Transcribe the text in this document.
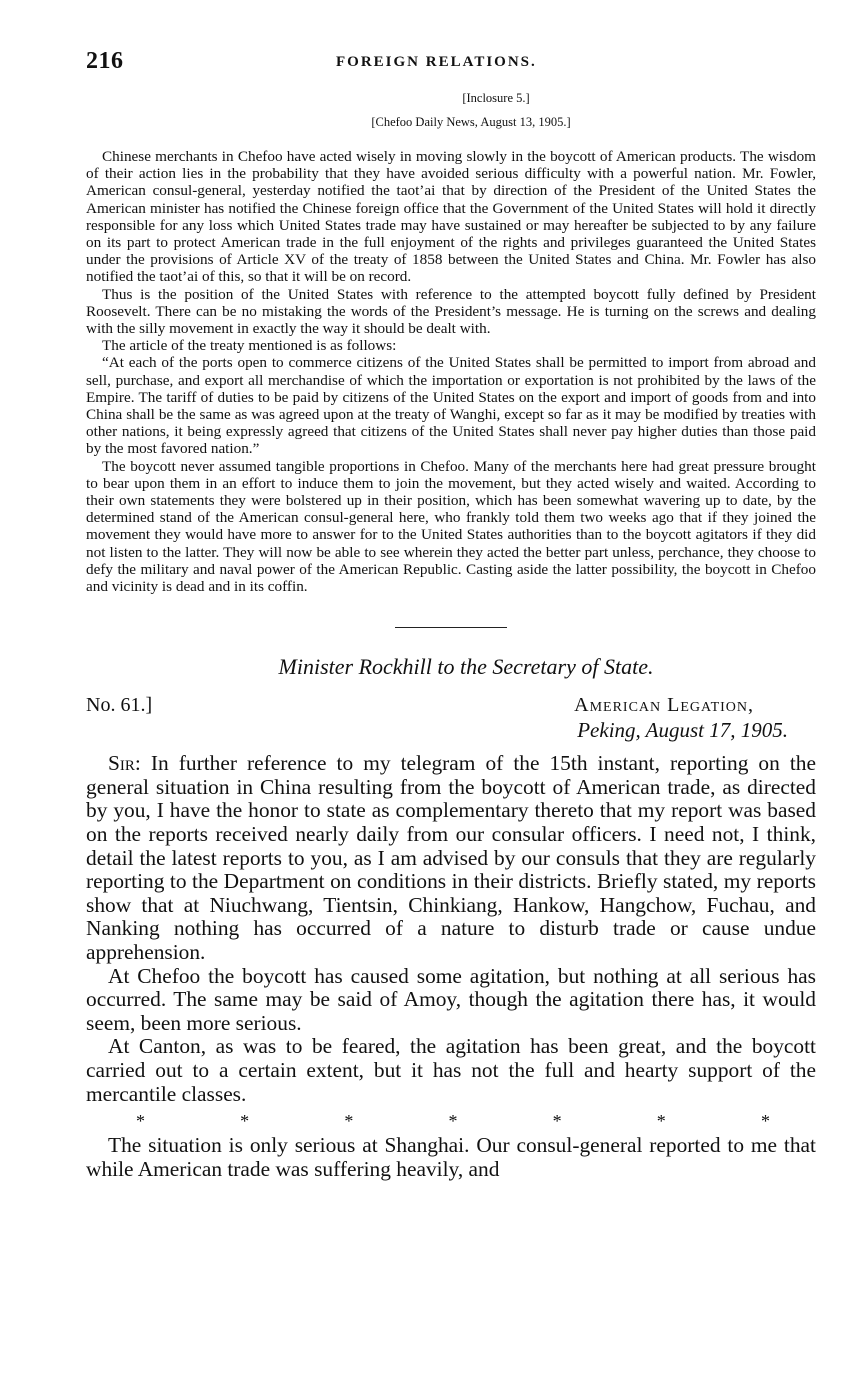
216	FOREIGN RELATIONS.
[Inclosure 5.]
[Chefoo Daily News, August 13, 1905.]

Chinese merchants in Chefoo have acted wisely in moving slowly in the boycott of American products. The wisdom of their action lies in the probability that they have avoided serious difficulty with a powerful nation. Mr. Fowler, American consul-general, yesterday notified the taot’ai that by direction of the President of the United States the American minister has notified the Chinese foreign office that the Government of the United States will hold it directly responsible for any loss which United States trade may have sustained or may hereafter be subjected to by any failure on its part to protect American trade in the full enjoyment of the rights and privileges guaranteed the United States under the provisions of Article XV of the treaty of 1858 between the United States and China. Mr. Fowler has also notified the taot’ai of this, so that it will be on record.

Thus is the position of the United States with reference to the attempted boycott fully defined by President Roosevelt. There can be no mistaking the words of the President’s message. He is turning on the screws and dealing with the silly movement in exactly the way it should be dealt with.

The article of the treaty mentioned is as follows:

“At each of the ports open to commerce citizens of the United States shall be permitted to import from abroad and sell, purchase, and export all merchandise of which the importation or exportation is not prohibited by the laws of the Empire. The tariff of duties to be paid by citizens of the United States on the export and import of goods from and into China shall be the same as was agreed upon at the treaty of Wanghi, except so far as it may be modified by treaties with other nations, it being expressly agreed that citizens of the United States shall never pay higher duties than those paid by the most favored nation.”

The boycott never assumed tangible proportions in Chefoo. Many of the merchants here had great pressure brought to bear upon them in an effort to induce them to join the movement, but they acted wisely and waited. According to their own statements they were bolstered up in their position, which has been somewhat wavering up to date, by the determined stand of the American consul-general here, who frankly told them two weeks ago that if they joined the movement they would have more to answer for to the United States authorities than to the boycott agitators if they did not listen to the latter. They will now be able to see wherein they acted the better part unless, perchance, they choose to defy the military and naval power of the American Republic. Casting aside the latter possibility, the boycott in Chefoo and vicinity is dead and in its coffin.

Minister Rockhill to the Secretary of State.
No. 61.]	American Legation,
Peking, August 17, 1905.

Sir: In further reference to my telegram of the 15th instant, reporting on the general situation in China resulting from the boycott of American trade, as directed by you, I have the honor to state as complementary thereto that my report was based on the reports received nearly daily from our consular officers. I need not, I think, detail the latest reports to you, as I am advised by our consuls that they are regularly reporting to the Department on conditions in their districts. Briefly stated, my reports show that at Niuchwang, Tientsin, Chinkiang, Hankow, Hangchow, Fuchau, and Nanking nothing has occurred of a nature to disturb trade or cause undue apprehension.

At Chefoo the boycott has caused some agitation, but nothing at all serious has occurred. The same may be said of Amoy, though the agitation there has, it would seem, been more serious.

At Canton, as was to be feared, the agitation has been great, and the boycott carried out to a certain extent, but it has not the full and hearty support of the mercantile classes.

*	*	*	*	*	*	*

The situation is only serious at Shanghai. Our consul-general reported to me that while American trade was suffering heavily, and
